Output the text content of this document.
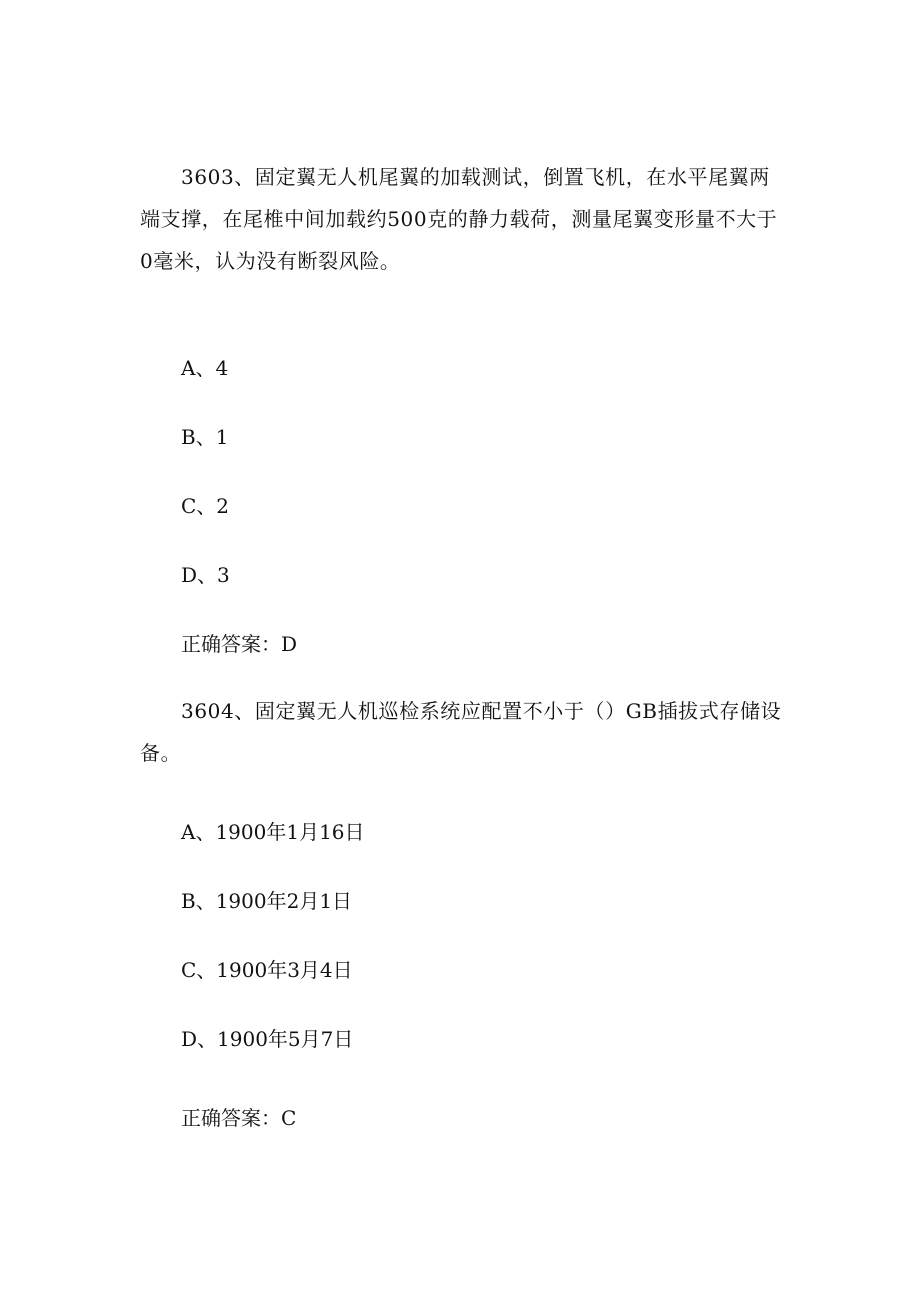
3603、固定翼无人机尾翼的加载测试，倒置飞机，在水平尾翼两端支撑，在尾椎中间加载约500克的静力载荷，测量尾翼变形量不大于0毫米，认为没有断裂风险。

A、4

B、1

C、2

D、3

正确答案：D

3604、固定翼无人机巡检系统应配置不小于（）GB插拔式存储设备。

A、1900年1月16日

B、1900年2月1日

C、1900年3月4日

D、1900年5月7日

正确答案：C
